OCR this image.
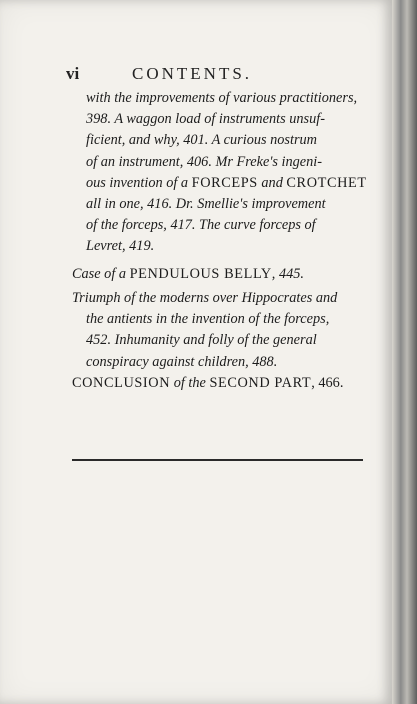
vi	CONTENTS.
with the improvements of various practitioners,
398. A waggon load of instruments unsuf-
ficient, and why, 401. A curious nostrum
of an instrument, 406. Mr Freke's ingeni-
ous invention of a FORCEPS and CROTCHET
all in one, 416. Dr. Smellie's improvement
of the forceps, 417. The curve forceps of
Levret, 419.
Case of a PENDULOUS BELLY, 445.
Triumph of the moderns over Hippocrates and
the antients in the invention of the forceps,
452. Inhumanity and folly of the general
conspiracy against children, 488.
CONCLUSION of the SECOND PART, 466.
